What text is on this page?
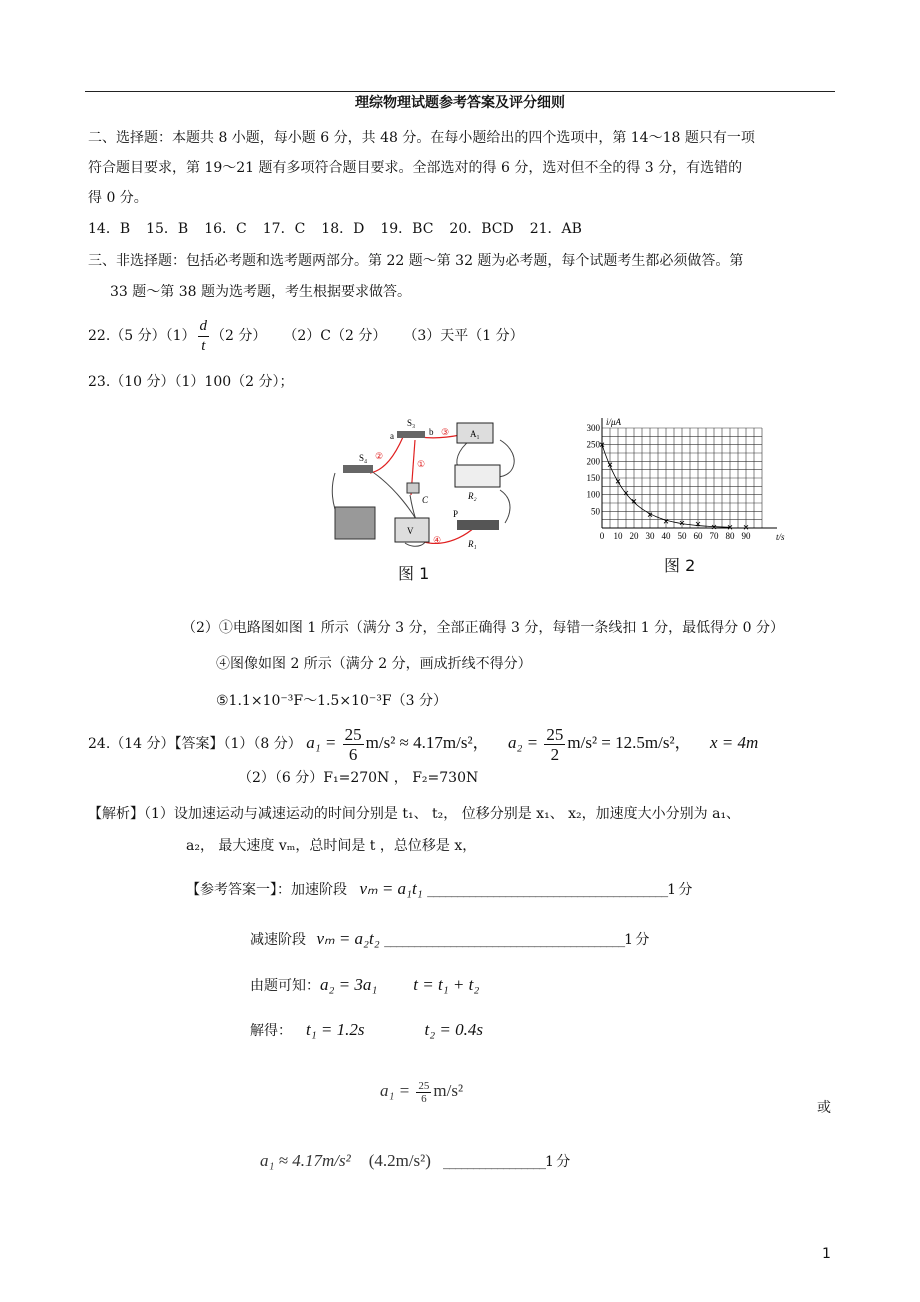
理综物理试题参考答案及评分细则
二、选择题：本题共 8 小题，每小题 6 分，共 48 分。在每小题给出的四个选项中，第 14～18 题只有一项
符合题目要求，第 19～21 题有多项符合题目要求。全部选对的得 6 分，选对但不全的得 3 分，有选错的
得 0 分。
14．B 15．B 16．C 17．C 18．D 19．BC 20．BCD 21．AB
三、非选择题：包括必考题和选考题两部分。第 22 题～第 32 题为必考题，每个试题考生都必须做答。第
33 题～第 38 题为选考题，考生根据要求做答。
22.（5 分）$(1) \frac{d}{t} (2$ 分） （2）C（2 分） （3）天平（1 分）
23.（10 分）（1）100（2 分）；
S₃
S₄
a	b	A₁
C	R₂
P
R₁
V
①
②
③
④
图 1
0 10 20 30 40 50 60 70 80 90
50
100
150
200
250
300
i/μA
t/s
图 2
（2）①电路图如图 1 所示（满分 3 分，全部正确得 3 分，每错一条线扣 1 分，最低得分 0 分）
④图像如图 2 所示（满分 2 分，画成折线不得分）
⑤1.1×10⁻³F～1.5×10⁻³F（3 分）
24.（14 分）【答案】（1）（8 分） $a_1 = \frac{25}{6} m/s^2 \approx 4.17m/s^2$， $a_2 = \frac{25}{2} m/s^2 = 12.5m/s^2$， x = 4m
（2）（6 分）F₁=270N ， F₂=730N
【解析】（1）设加速运动与减速运动的时间分别是 t₁、 t₂， 位移分别是 x₁、 x₂，加速度大小分别为 a₁、
a₂， 最大速度 vₘ，总时间是 t ，总位移是 x，
【参考答案一】：加速阶段 vₘ = a₁t₁ ________________________________________1 分
减速阶段 vₘ = a₂t₂ ________________________________________1 分
由题可知：a₂ = 3a₁ t = t₁ + t₂
解得： t₁ = 1.2s	t₂ = 0.4s
$a_1 = \frac{25}{6} m/s^2$
或
a₁ ≈ 4.17m/s² (4.2m/s²) _________________1 分
1
